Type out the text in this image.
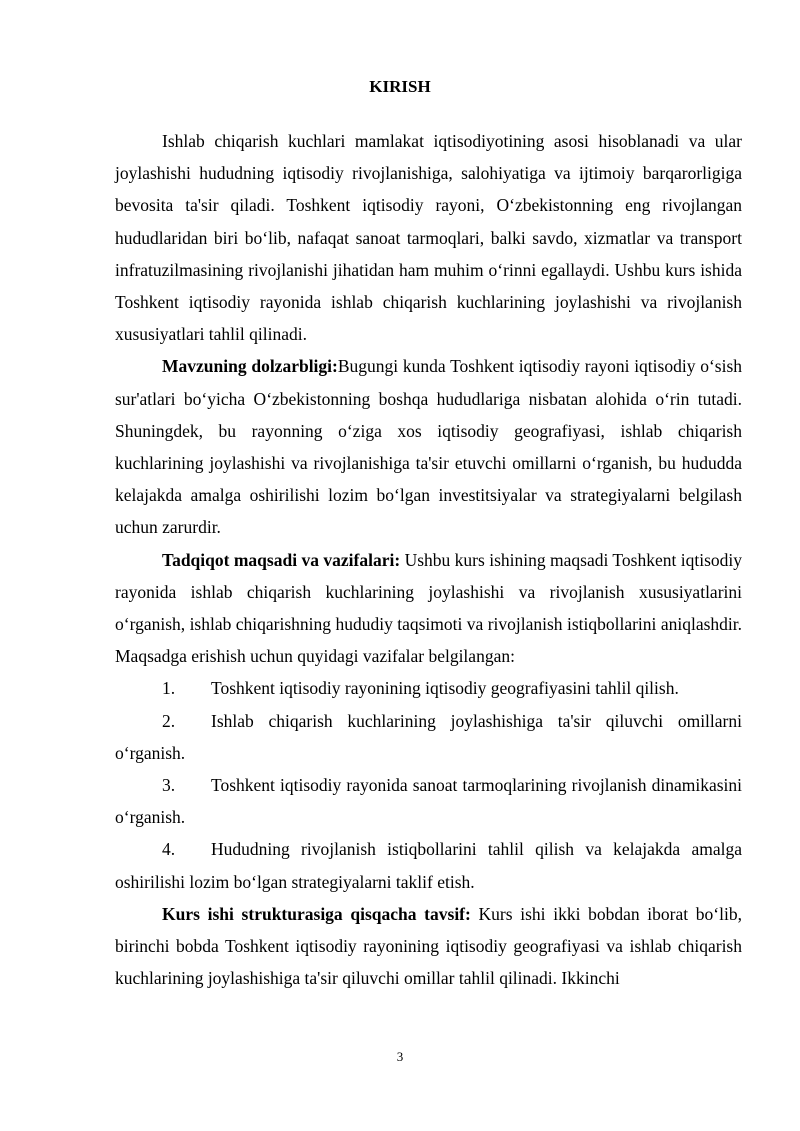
KIRISH

Ishlab chiqarish kuchlari mamlakat iqtisodiyotining asosi hisoblanadi va ular joylashishi hududning iqtisodiy rivojlanishiga, salohiyatiga va ijtimoiy barqarorligiga bevosita ta'sir qiladi. Toshkent iqtisodiy rayoni, O‘zbekistonning eng rivojlangan hududlaridan biri bo‘lib, nafaqat sanoat tarmoqlari, balki savdo, xizmatlar va transport infratuzilmasining rivojlanishi jihatidan ham muhim o‘rinni egallaydi. Ushbu kurs ishida Toshkent iqtisodiy rayonida ishlab chiqarish kuchlarining joylashishi va rivojlanish xususiyatlari tahlil qilinadi.

Mavzuning dolzarbligi:Bugungi kunda Toshkent iqtisodiy rayoni iqtisodiy o‘sish sur'atlari bo‘yicha O‘zbekistonning boshqa hududlariga nisbatan alohida o‘rin tutadi. Shuningdek, bu rayonning o‘ziga xos iqtisodiy geografiyasi, ishlab chiqarish kuchlarining joylashishi va rivojlanishiga ta'sir etuvchi omillarni o‘rganish, bu hududda kelajakda amalga oshirilishi lozim bo‘lgan investitsiyalar va strategiyalarni belgilash uchun zarurdir.

Tadqiqot maqsadi va vazifalari: Ushbu kurs ishining maqsadi Toshkent iqtisodiy rayonida ishlab chiqarish kuchlarining joylashishi va rivojlanish xususiyatlarini o‘rganish, ishlab chiqarishning hududiy taqsimoti va rivojlanish istiqbollarini aniqlashdir. Maqsadga erishish uchun quyidagi vazifalar belgilangan:

1. Toshkent iqtisodiy rayonining iqtisodiy geografiyasini tahlil qilish.

2. Ishlab chiqarish kuchlarining joylashishiga ta'sir qiluvchi omillarni o‘rganish.

3. Toshkent iqtisodiy rayonida sanoat tarmoqlarining rivojlanish dinamikasini o‘rganish.

4. Hududning rivojlanish istiqbollarini tahlil qilish va kelajakda amalga oshirilishi lozim bo‘lgan strategiyalarni taklif etish.

Kurs ishi strukturasiga qisqacha tavsif: Kurs ishi ikki bobdan iborat bo‘lib, birinchi bobda Toshkent iqtisodiy rayonining iqtisodiy geografiyasi va ishlab chiqarish kuchlarining joylashishiga ta'sir qiluvchi omillar tahlil qilinadi. Ikkinchi

3
